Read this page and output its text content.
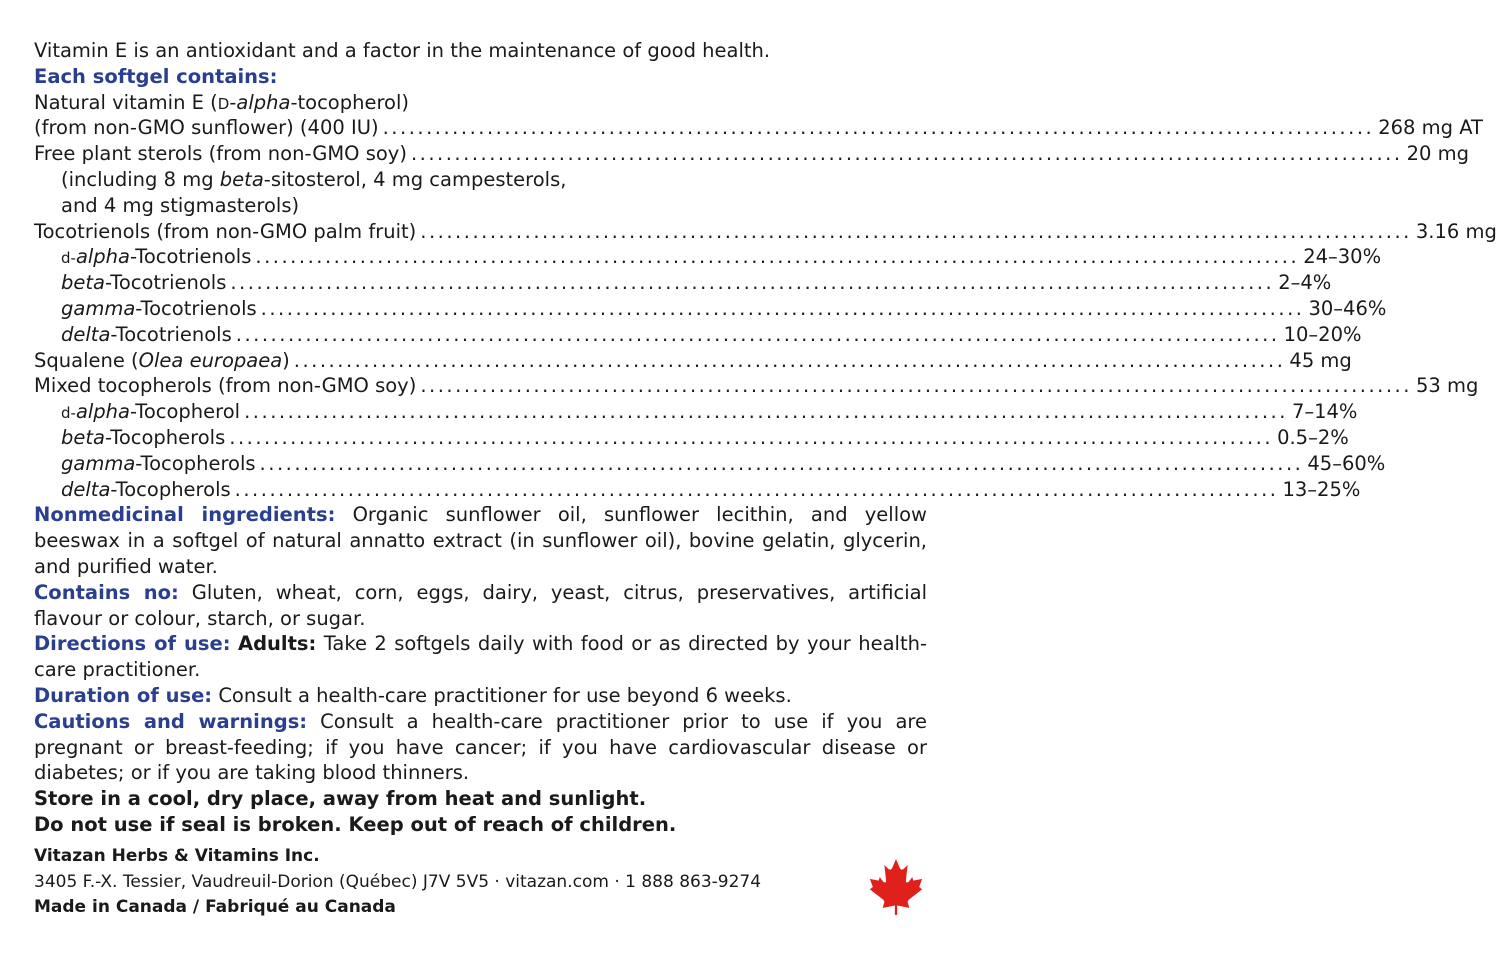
Vitamin E is an antioxidant and a factor in the maintenance of good health.
Each softgel contains:
Natural vitamin E (D-alpha-tocopherol)
(from non-GMO sunflower) (400 IU) .................................................................................................................. 268 mg AT
Free plant sterols (from non-GMO soy) .................................................................................................................. 20 mg
(including 8 mg beta-sitosterol, 4 mg campesterols,
and 4 mg stigmasterols)
Tocotrienols (from non-GMO palm fruit) .................................................................................................................. 3.16 mg
d-alpha-Tocotrienols ........................................................................................................................ 24–30%
beta-Tocotrienols ........................................................................................................................ 2–4%
gamma-Tocotrienols ........................................................................................................................ 30–46%
delta-Tocotrienols ........................................................................................................................ 10–20%
Squalene (Olea europaea) .................................................................................................................. 45 mg
Mixed tocopherols (from non-GMO soy) .................................................................................................................. 53 mg
d-alpha-Tocopherol ........................................................................................................................ 7–14%
beta-Tocopherols ........................................................................................................................ 0.5–2%
gamma-Tocopherols ........................................................................................................................ 45–60%
delta-Tocopherols ........................................................................................................................ 13–25%
Nonmedicinal ingredients: Organic sunflower oil, sunflower lecithin, and yellow beeswax in a softgel of natural annatto extract (in sunflower oil), bovine gelatin, glycerin, and purified water.
Contains no: Gluten, wheat, corn, eggs, dairy, yeast, citrus, preservatives, artificial flavour or colour, starch, or sugar.
Directions of use: Adults: Take 2 softgels daily with food or as directed by your health-care practitioner.
Duration of use: Consult a health-care practitioner for use beyond 6 weeks.
Cautions and warnings: Consult a health-care practitioner prior to use if you are pregnant or breast-feeding; if you have cancer; if you have cardiovascular disease or diabetes; or if you are taking blood thinners.
Store in a cool, dry place, away from heat and sunlight.
Do not use if seal is broken. Keep out of reach of children.
Vitazan Herbs & Vitamins Inc.
3405 F.-X. Tessier, Vaudreuil-Dorion (Québec) J7V 5V5 · vitazan.com · 1 888 863-9274
Made in Canada / Fabriqué au Canada
